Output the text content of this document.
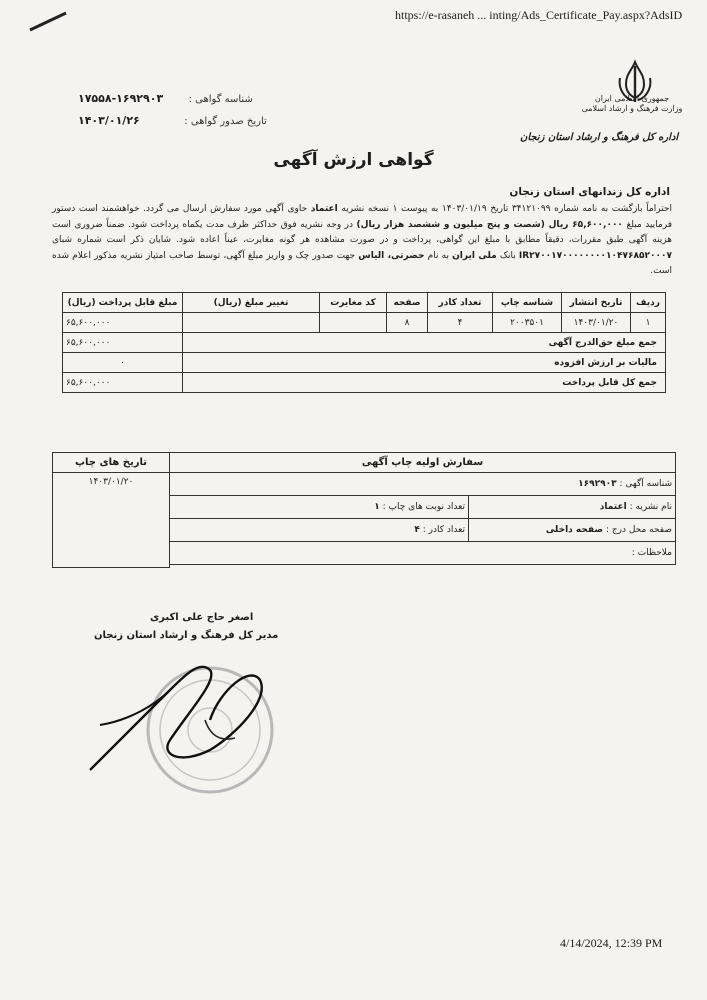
https://e-rasaneh ... inting/Ads_Certificate_Pay.aspx?AdsID
جمهوری اسلامی ایران
وزارت فرهنگ و ارشاد اسلامی
اداره کل فرهنگ و ارشاد استان زنجان
شناسه گواهی :        ۱۶۹۲۹۰۳-۱۷۵۵۸
تاریخ صدور گواهی :              ۱۴۰۳/۰۱/۲۶
گواهی ارزش آگهی
اداره کل زندانهای استان زنجان
احتراماً بازگشت به نامه شماره ۳۴۱۲۱۰۹۹ تاریخ ۱۴۰۳/۰۱/۱۹ به پیوست ۱ نسخه نشریه اعتماد حاوی آگهی مورد سفارش ارسال می گردد. خواهشمند است دستور فرمایید مبلغ ۶۵,۶۰۰,۰۰۰ ریال (شصت و پنج میلیون و ششصد هزار ریال) در وجه نشریه فوق حداکثر ظرف مدت یکماه پرداخت شود. ضمناً ضروری است هزینه آگهی طبق مقررات، دقیقاً مطابق با مبلغ این گواهی، پرداخت و در صورت مشاهده هر گونه مغایرت، عیناً اعاده شود. شایان ذکر است شماره شبای IR۲۷۰۰۱۷۰۰۰۰۰۰۰۰۱۰۴۷۶۸۵۲۰۰۰۷ بانک ملی ایران به نام حضرتی، الیاس جهت صدور چک و واریز مبلغ آگهی، توسط صاحب امتیاز نشریه مذکور اعلام شده است.
ردیف	تاریخ انتشار	شناسه چاپ	تعداد کادر	صفحه	کد مغایرت	تغییر مبلغ (ریال)	مبلغ قابل پرداخت (ریال)
۱	۱۴۰۳/۰۱/۲۰	۲۰۰۳۵۰۱	۴	۸			۶۵,۶۰۰,۰۰۰
جمع مبلغ حق‌الدرج آگهی							۶۵,۶۰۰,۰۰۰
مالیات بر ارزش افزوده							۰
جمع کل قابل پرداخت							۶۵,۶۰۰,۰۰۰
سفارش اولیه چاپ آگهی		تاریخ های چاپ
شناسه آگهی : ۱۶۹۲۹۰۳		۱۴۰۳/۰۱/۲۰
نام نشریه : اعتماد	تعداد نوبت های چاپ : ۱	
صفحه محل درج : صفحه داخلی	تعداد کادر : ۴	
ملاحظات :		

اصغر حاج علی اکبری
مدیر کل فرهنگ و ارشاد استان زنجان
4/14/2024, 12:39 PM
